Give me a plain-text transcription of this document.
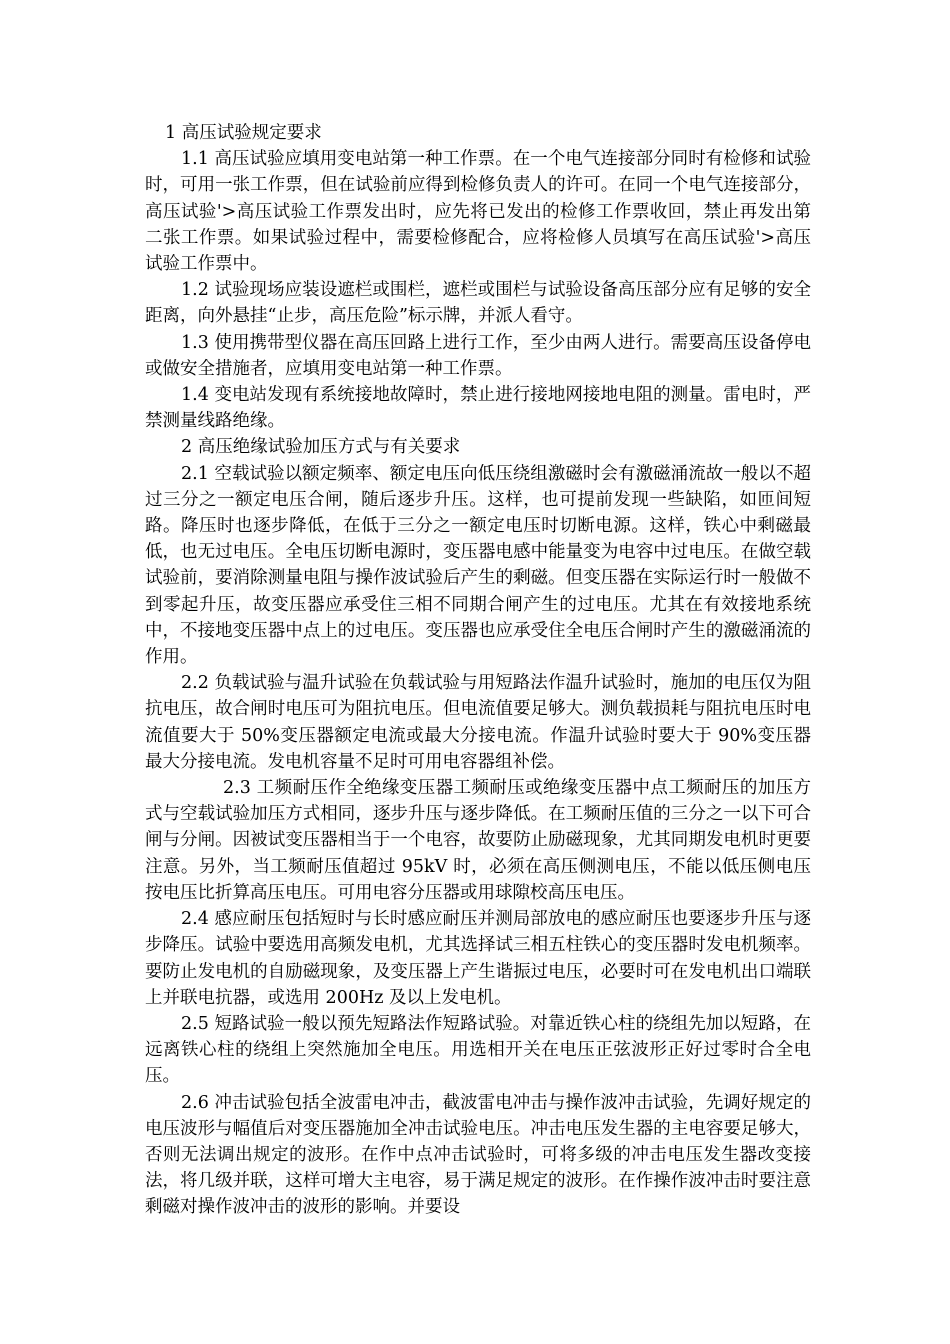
1 高压试验规定要求

1.1 高压试验应填用变电站第一种工作票。在一个电气连接部分同时有检修和试验时，可用一张工作票，但在试验前应得到检修负责人的许可。在同一个电气连接部分，高压试验'>高压试验工作票发出时，应先将已发出的检修工作票收回，禁止再发出第二张工作票。如果试验过程中，需要检修配合，应将检修人员填写在高压试验'>高压试验工作票中。

1.2 试验现场应装设遮栏或围栏，遮栏或围栏与试验设备高压部分应有足够的安全距离，向外悬挂“止步，高压危险”标示牌，并派人看守。

1.3 使用携带型仪器在高压回路上进行工作，至少由两人进行。需要高压设备停电或做安全措施者，应填用变电站第一种工作票。

1.4 变电站发现有系统接地故障时，禁止进行接地网接地电阻的测量。雷电时，严禁测量线路绝缘。

2 高压绝缘试验加压方式与有关要求

2.1 空载试验以额定频率、额定电压向低压绕组激磁时会有激磁涌流故一般以不超过三分之一额定电压合闸，随后逐步升压。这样，也可提前发现一些缺陷，如匝间短路。降压时也逐步降低，在低于三分之一额定电压时切断电源。这样，铁心中剩磁最低，也无过电压。全电压切断电源时，变压器电感中能量变为电容中过电压。在做空载试验前，要消除测量电阻与操作波试验后产生的剩磁。但变压器在实际运行时一般做不到零起升压，故变压器应承受住三相不同期合闸产生的过电压。尤其在有效接地系统中，不接地变压器中点上的过电压。变压器也应承受住全电压合闸时产生的激磁涌流的作用。

2.2 负载试验与温升试验在负载试验与用短路法作温升试验时，施加的电压仅为阻抗电压，故合闸时电压可为阻抗电压。但电流值要足够大。测负载损耗与阻抗电压时电流值要大于 50%变压器额定电流或最大分接电流。作温升试验时要大于 90%变压器最大分接电流。发电机容量不足时可用电容器组补偿。

2.3 工频耐压作全绝缘变压器工频耐压或绝缘变压器中点工频耐压的加压方式与空载试验加压方式相同，逐步升压与逐步降低。在工频耐压值的三分之一以下可合闸与分闸。因被试变压器相当于一个电容，故要防止励磁现象，尤其同期发电机时更要注意。另外，当工频耐压值超过 95kV 时，必须在高压侧测电压，不能以低压侧电压按电压比折算高压电压。可用电容分压器或用球隙校高压电压。

2.4 感应耐压包括短时与长时感应耐压并测局部放电的感应耐压也要逐步升压与逐步降压。试验中要选用高频发电机，尤其选择试三相五柱铁心的变压器时发电机频率。要防止发电机的自励磁现象，及变压器上产生谐振过电压，必要时可在发电机出口端联上并联电抗器，或选用 200Hz 及以上发电机。

2.5 短路试验一般以预先短路法作短路试验。对靠近铁心柱的绕组先加以短路，在远离铁心柱的绕组上突然施加全电压。用选相开关在电压正弦波形正好过零时合全电压。

2.6 冲击试验包括全波雷电冲击，截波雷电冲击与操作波冲击试验，先调好规定的电压波形与幅值后对变压器施加全冲击试验电压。冲击电压发生器的主电容要足够大，否则无法调出规定的波形。在作中点冲击试验时，可将多级的冲击电压发生器改变接法，将几级并联，这样可增大主电容，易于满足规定的波形。在作操作波冲击时要注意剩磁对操作波冲击的波形的影响。并要设
